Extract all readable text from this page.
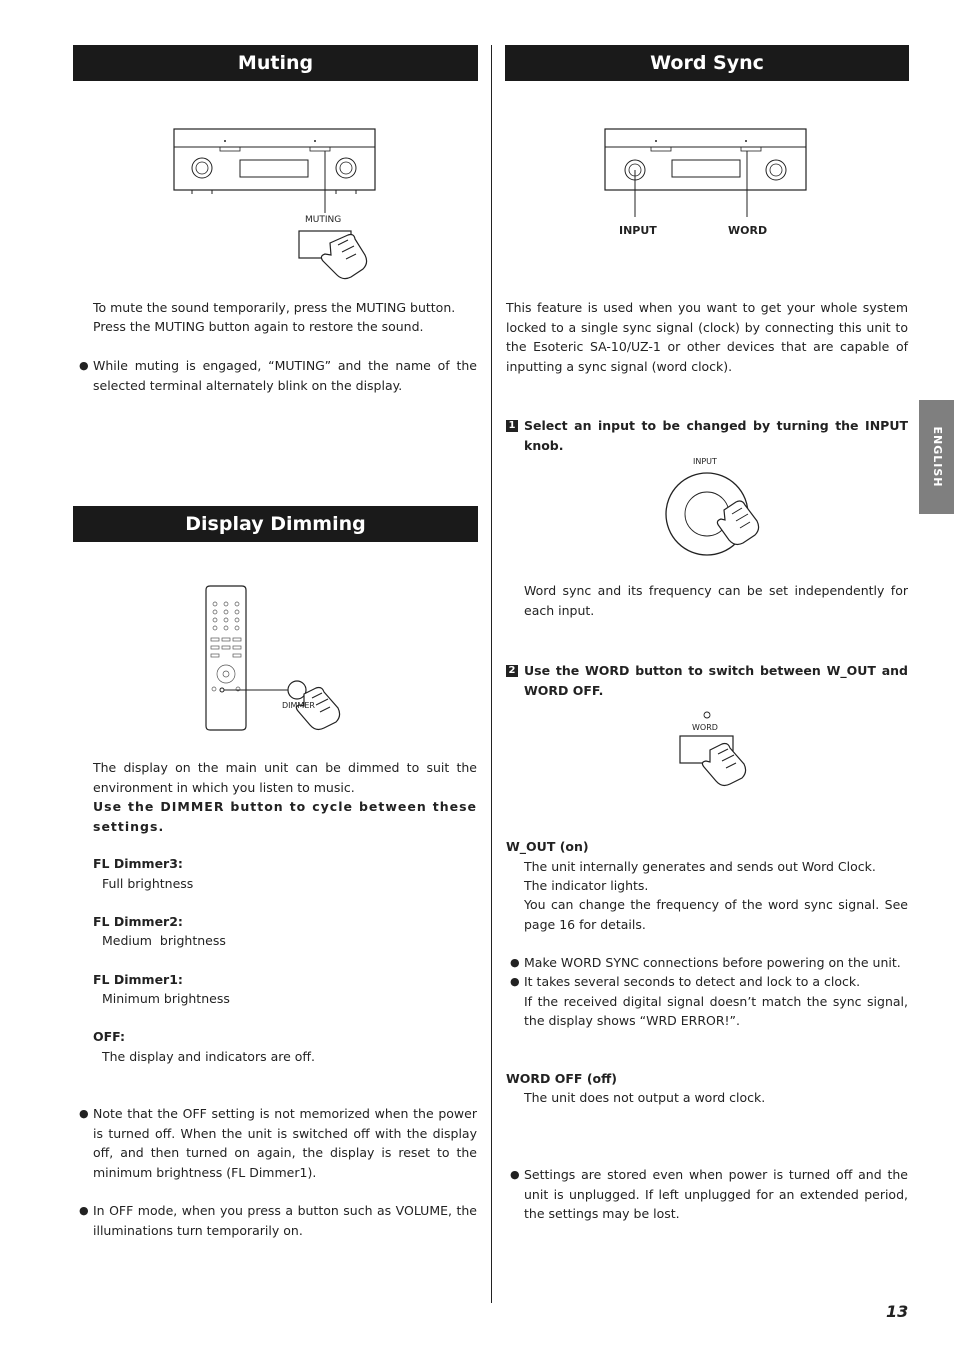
Muting
MUTING
To mute the sound temporarily, press the MUTING button.
Press the MUTING button again to restore the sound.
● While muting is engaged, “MUTING” and the name of the selected terminal alternately blink on the display.
Display Dimming
DIMMER
The display on the main unit can be dimmed to suit the environment in which you listen to music.
Use the DIMMER button to cycle between these settings.
FL Dimmer3:
Full brightness
FL Dimmer2:
Medium  brightness
FL Dimmer1:
Minimum brightness
OFF:
The display and indicators are off.
● Note that the OFF setting is not memorized when the power is turned off. When the unit is switched off with the display off, and then turned on again, the display is reset to the minimum brightness (FL Dimmer1).
● In OFF mode, when you press a button such as VOLUME, the illuminations turn temporarily on.
Word Sync
INPUT	WORD
This feature is used when you want to get your whole system locked to a single sync signal (clock) by connecting this unit to the Esoteric SA-10/UZ-1 or other devices that are capable of inputting a sync signal (word clock).
1 Select an input to be changed by turning the INPUT knob.
INPUT
Word sync and its frequency can be set independently for each input.
2 Use the WORD button to switch between W_OUT and WORD OFF.
WORD
W_OUT (on)
The unit internally generates and sends out Word Clock.
The indicator lights.
You can change the frequency of the word sync signal. See page 16 for details.
● Make WORD SYNC connections before powering on the unit.
● It takes several seconds to detect and lock to a clock.
If the received digital signal doesn’t match the sync signal, the display shows “WRD ERROR!”.
WORD OFF (off)
The unit does not output a word clock.
● Settings are stored even when power is turned off and the unit is unplugged. If left unplugged for an extended period, the settings may be lost.
ENGLISH
13
